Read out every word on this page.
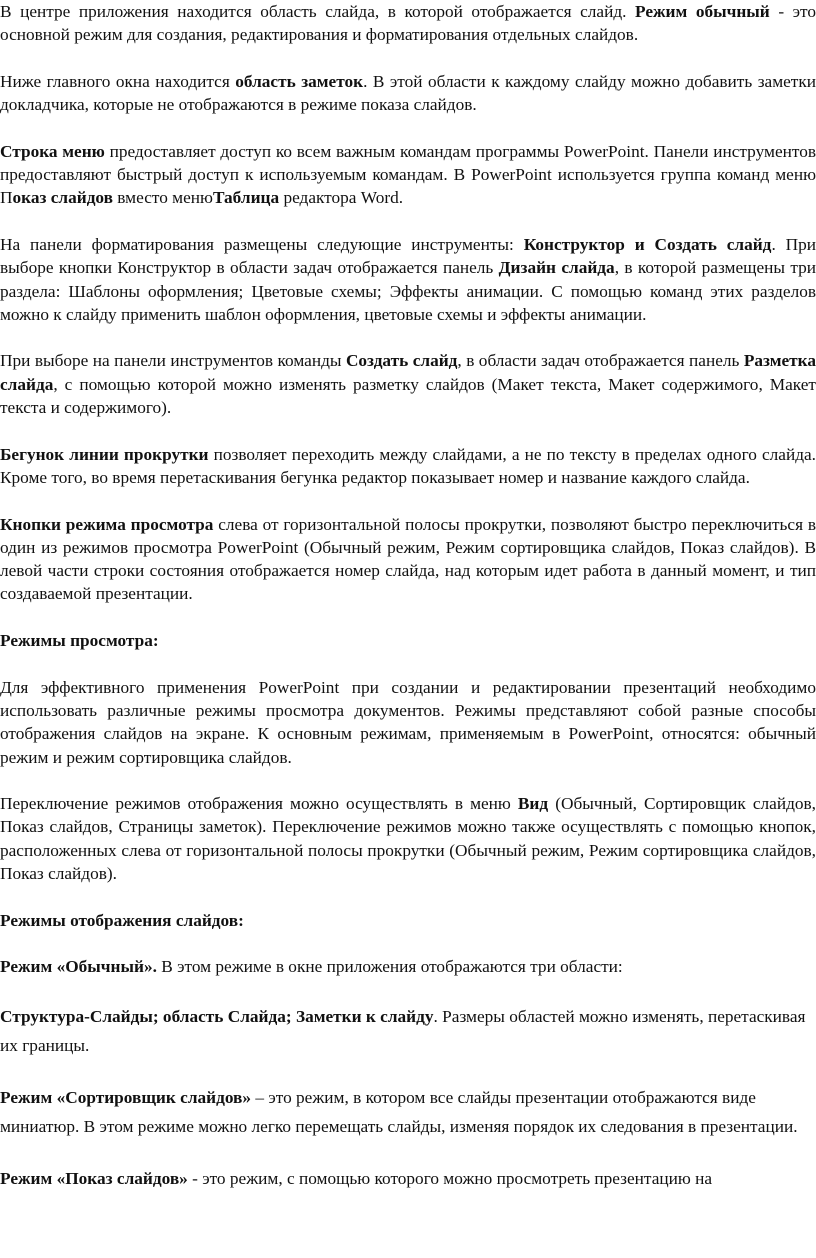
В центре приложения находится область слайда, в которой отображается слайд. Режим обычный - это основной режим для создания, редактирования и форматирования отдельных слайдов.

Ниже главного окна находится область заметок. В этой области к каждому слайду можно добавить заметки докладчика, которые не отображаются в режиме показа слайдов.

Строка меню предоставляет доступ ко всем важным командам программы PowerPoint. Панели инструментов предоставляют быстрый доступ к используемым командам. В PowerPoint используется группа команд меню Показ слайдов вместо менюТаблица редактора Word.

На панели форматирования размещены следующие инструменты: Конструктор и Создать слайд. При выборе кнопки Конструктор в области задач отображается панель Дизайн слайда, в которой размещены три раздела: Шаблоны оформления; Цветовые схемы; Эффекты анимации. С помощью команд этих разделов можно к слайду применить шаблон оформления, цветовые схемы и эффекты анимации.

При выборе на панели инструментов команды Создать слайд, в области задач отображается панель Разметка слайда, с помощью которой можно изменять разметку слайдов (Макет текста, Макет содержимого, Макет текста и содержимого).

Бегунок линии прокрутки позволяет переходить между слайдами, а не по тексту в пределах одного слайда. Кроме того, во время перетаскивания бегунка редактор показывает номер и название каждого слайда.

Кнопки режима просмотра слева от горизонтальной полосы прокрутки, позволяют быстро переключиться в один из режимов просмотра PowerPoint (Обычный режим, Режим сортировщика слайдов, Показ слайдов). В левой части строки состояния отображается номер слайда, над которым идет работа в данный момент, и тип создаваемой презентации.

Режимы просмотра:

Для эффективного применения PowerPoint при создании и редактировании презентаций необходимо использовать различные режимы просмотра документов. Режимы представляют собой разные способы отображения слайдов на экране. К основным режимам, применяемым в PowerPoint, относятся: обычный режим и режим сортировщика слайдов.

Переключение режимов отображения можно осуществлять в меню Вид (Обычный, Сортировщик слайдов, Показ слайдов, Страницы заметок). Переключение режимов можно также осуществлять с помощью кнопок, расположенных слева от горизонтальной полосы прокрутки (Обычный режим, Режим сортировщика слайдов, Показ слайдов).

Режимы отображения слайдов:

Режим «Обычный». В этом режиме в окне приложения отображаются три области:

Структура-Слайды; область Слайда; Заметки к слайду. Размеры областей можно изменять, перетаскивая их границы.

Режим «Сортировщик слайдов» – это режим, в котором все слайды презентации отображаются виде миниатюр. В этом режиме можно легко перемещать слайды, изменяя порядок их следования в презентации.

Режим «Показ слайдов» - это режим, с помощью которого можно просмотреть презентацию на
